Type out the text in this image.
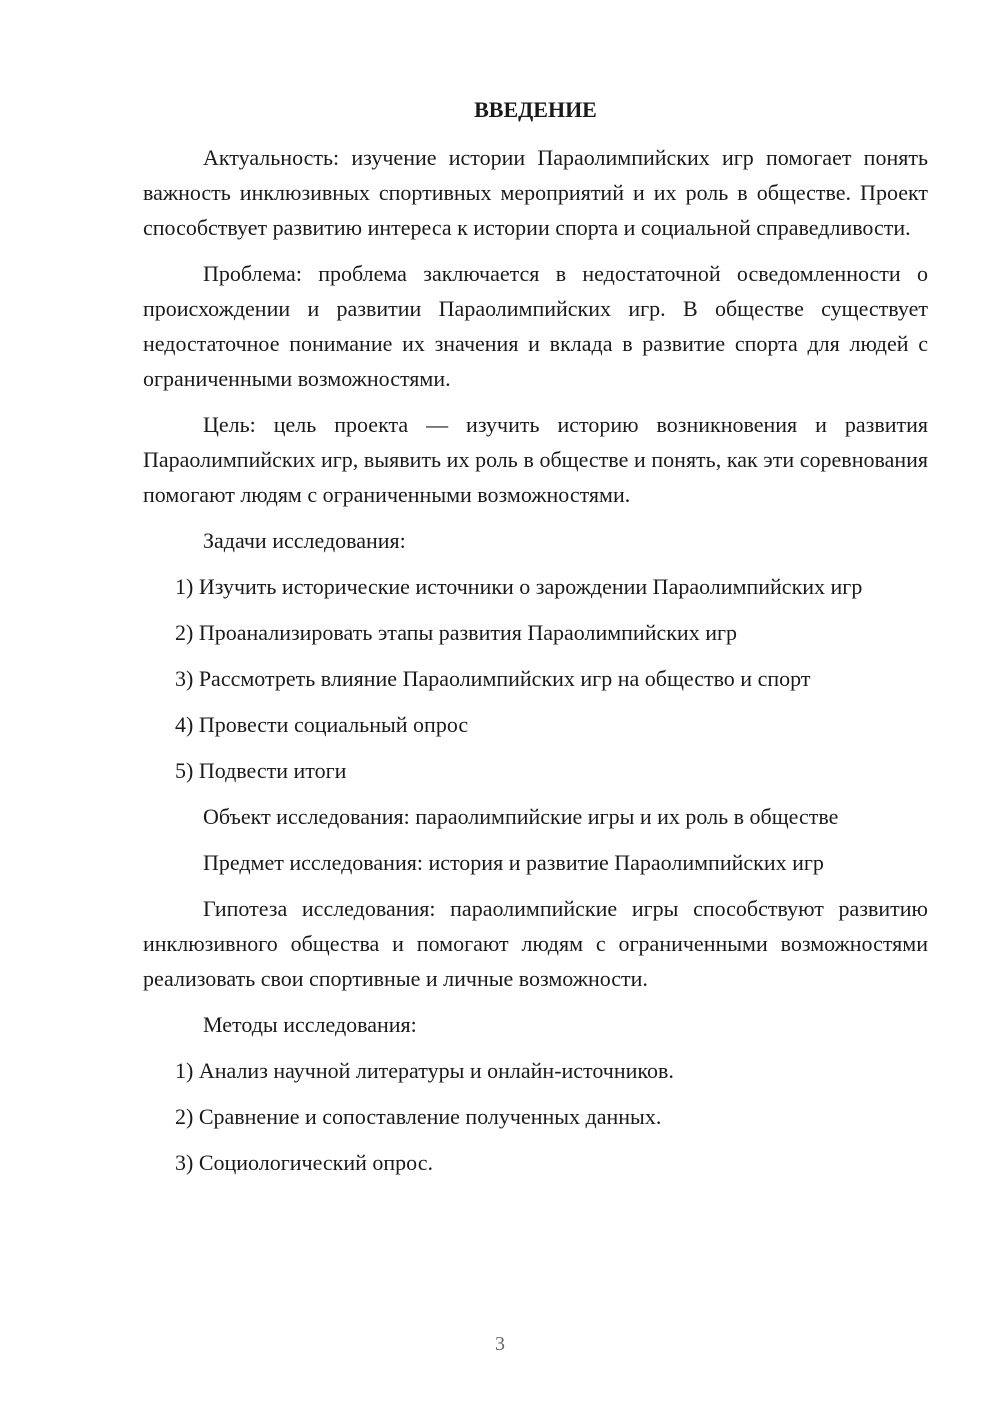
ВВЕДЕНИЕ

Актуальность: изучение истории Параолимпийских игр помогает понять важность инклюзивных спортивных мероприятий и их роль в обществе. Проект способствует развитию интереса к истории спорта и социальной справедливости.

Проблема: проблема заключается в недостаточной осведомленности о происхождении и развитии Параолимпийских игр. В обществе существует недостаточное понимание их значения и вклада в развитие спорта для людей с ограниченными возможностями.

Цель: цель проекта — изучить историю возникновения и развития Параолимпийских игр, выявить их роль в обществе и понять, как эти соревнования помогают людям с ограниченными возможностями.

Задачи исследования:

1) Изучить исторические источники о зарождении Параолимпийских игр

2) Проанализировать этапы развития Параолимпийских игр

3) Рассмотреть влияние Параолимпийских игр на общество и спорт

4) Провести социальный опрос

5) Подвести итоги

Объект исследования: параолимпийские игры и их роль в обществе

Предмет исследования: история и развитие Параолимпийских игр

Гипотеза исследования: параолимпийские игры способствуют развитию инклюзивного общества и помогают людям с ограниченными возможностями реализовать свои спортивные и личные возможности.

Методы исследования:

1) Анализ научной литературы и онлайн-источников.

2) Сравнение и сопоставление полученных данных.

3) Социологический опрос.

3
